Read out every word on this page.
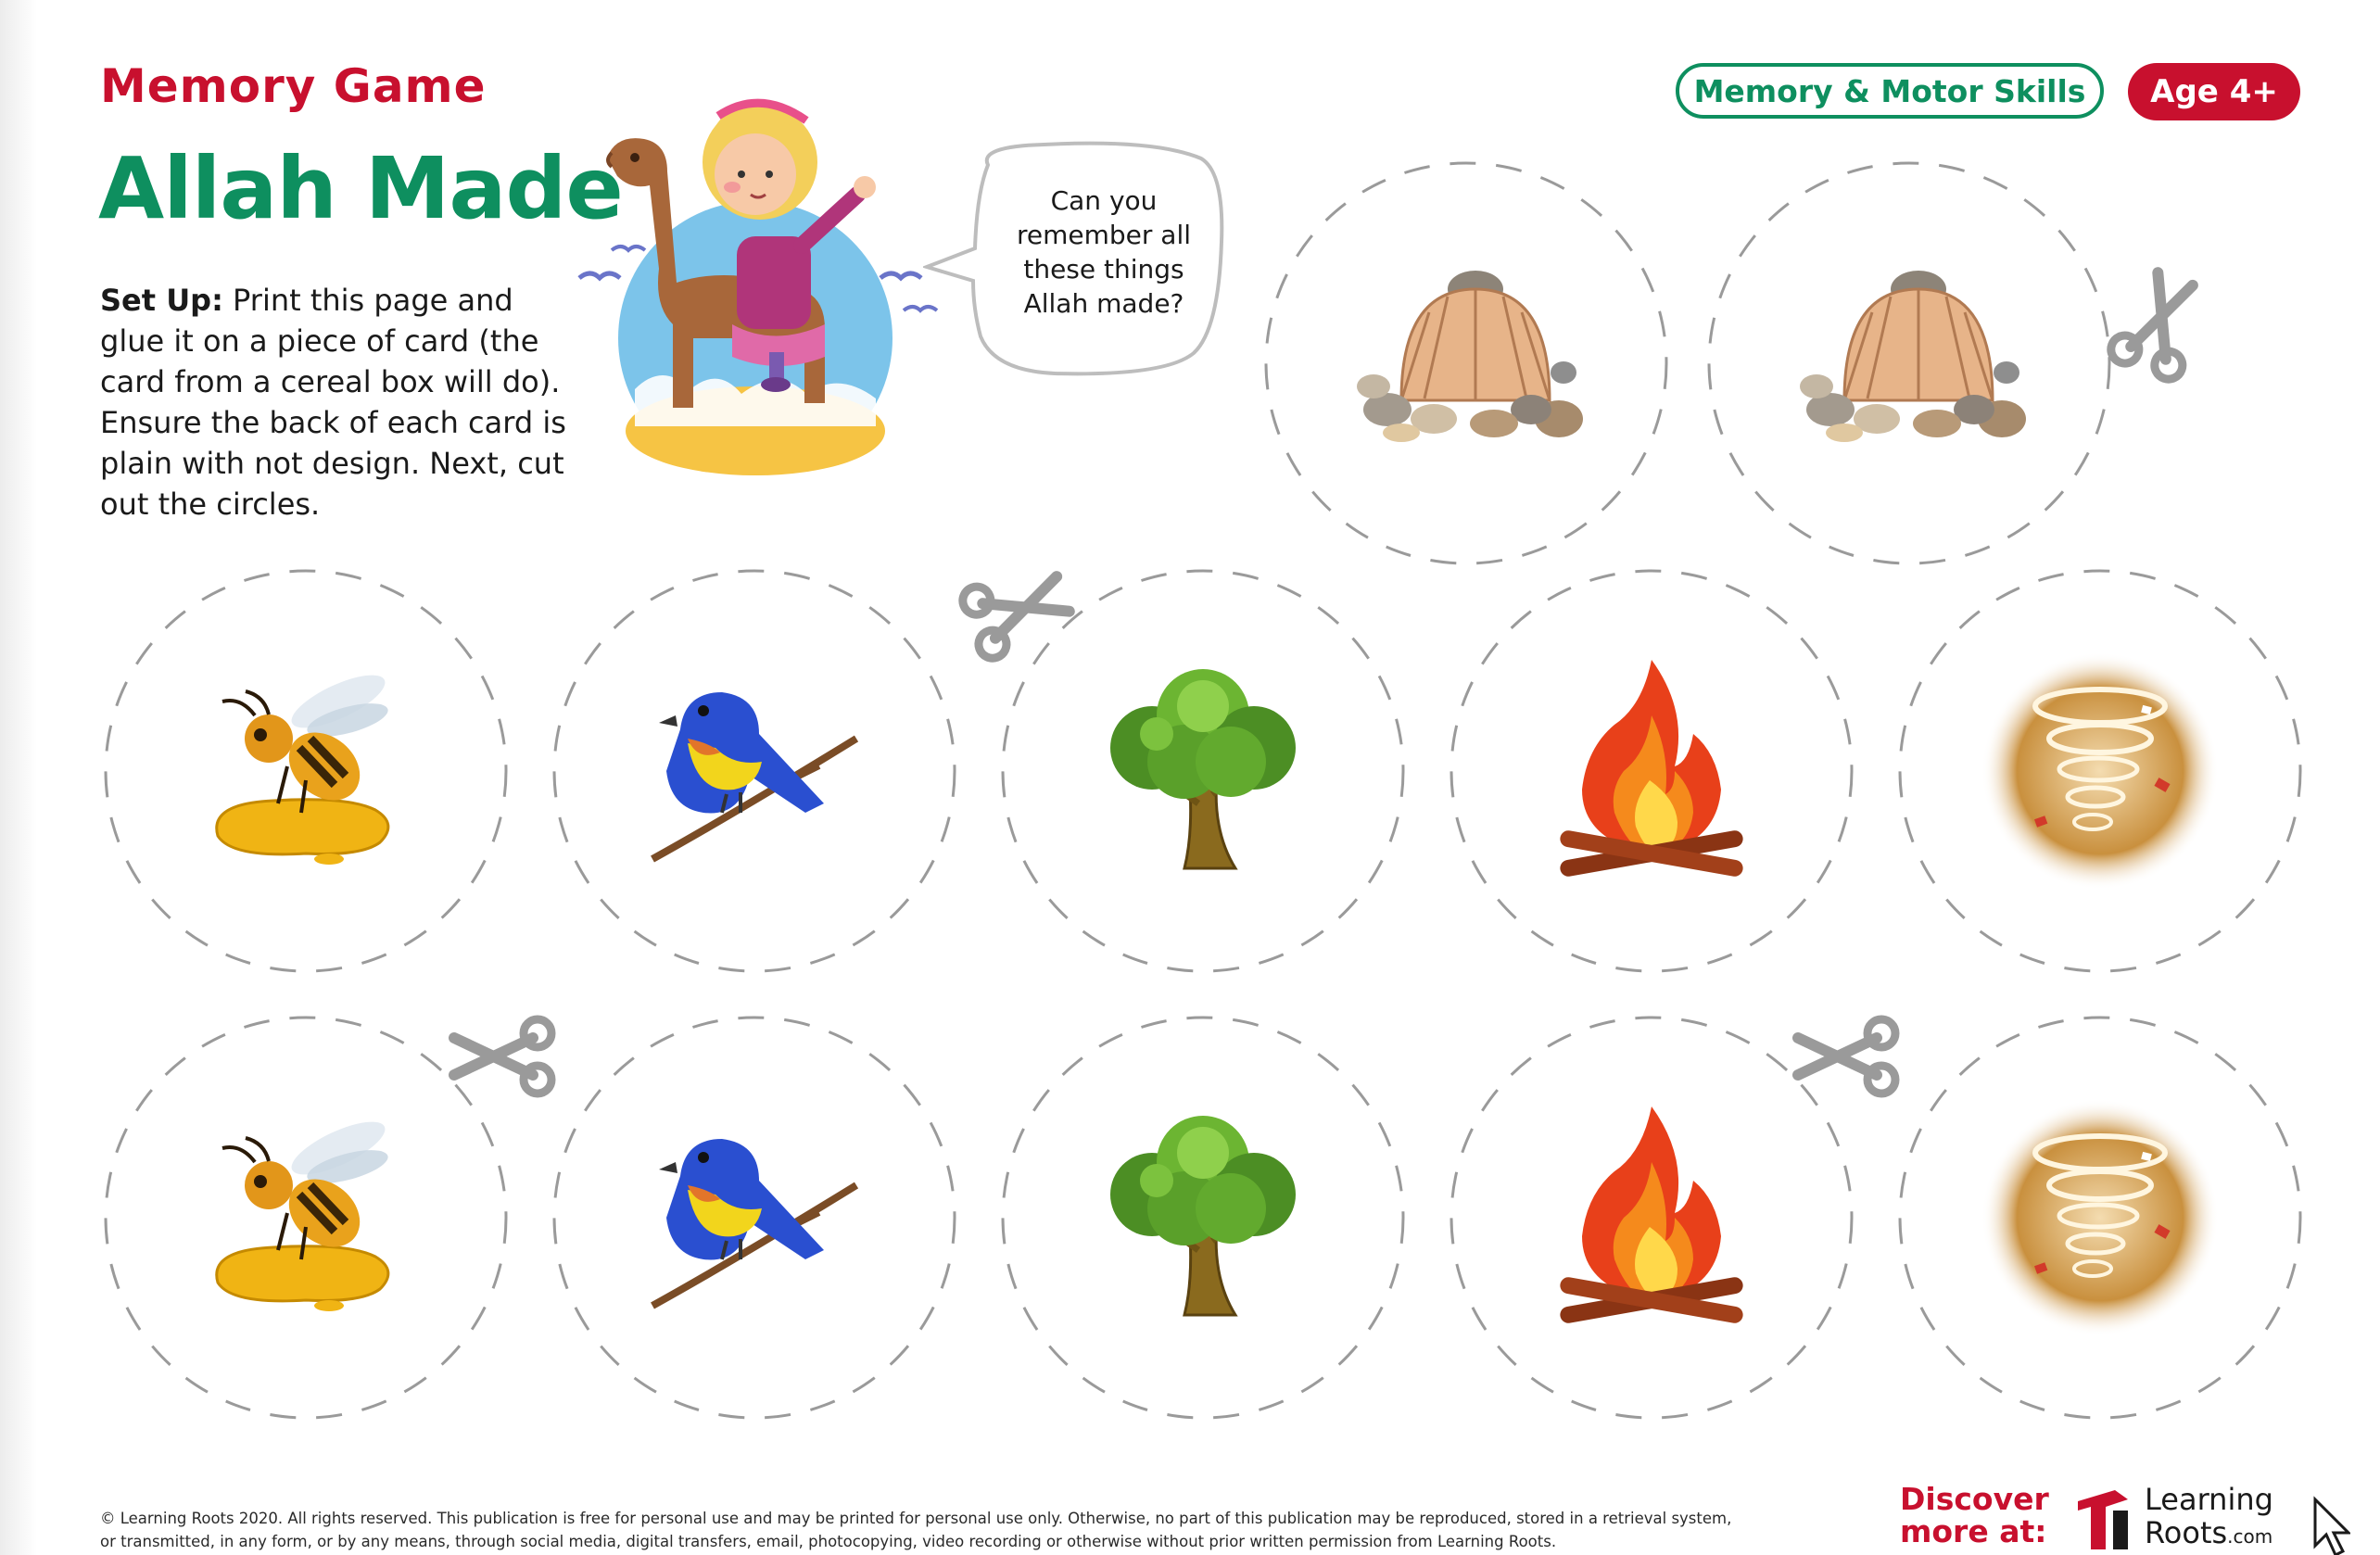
Memory Game
Allah Made
Set Up: Print this page and glue it on a piece of card (the card from a cereal box will do). Ensure the back of each card is plain with not design. Next, cut out the circles.
Can you
remember all
these things
Allah made?
Memory & Motor Skills	Age 4+
© Learning Roots 2020. All rights reserved. This publication is free for personal use and may be printed for personal use only. Otherwise, no part of this publication may be reproduced, stored in a retrieval system,
or transmitted, in any form, or by any means, through social media, digital transfers, email, photocopying, video recording or otherwise without prior written permission from Learning Roots.
Discover
more at:
Learning
Roots.com
